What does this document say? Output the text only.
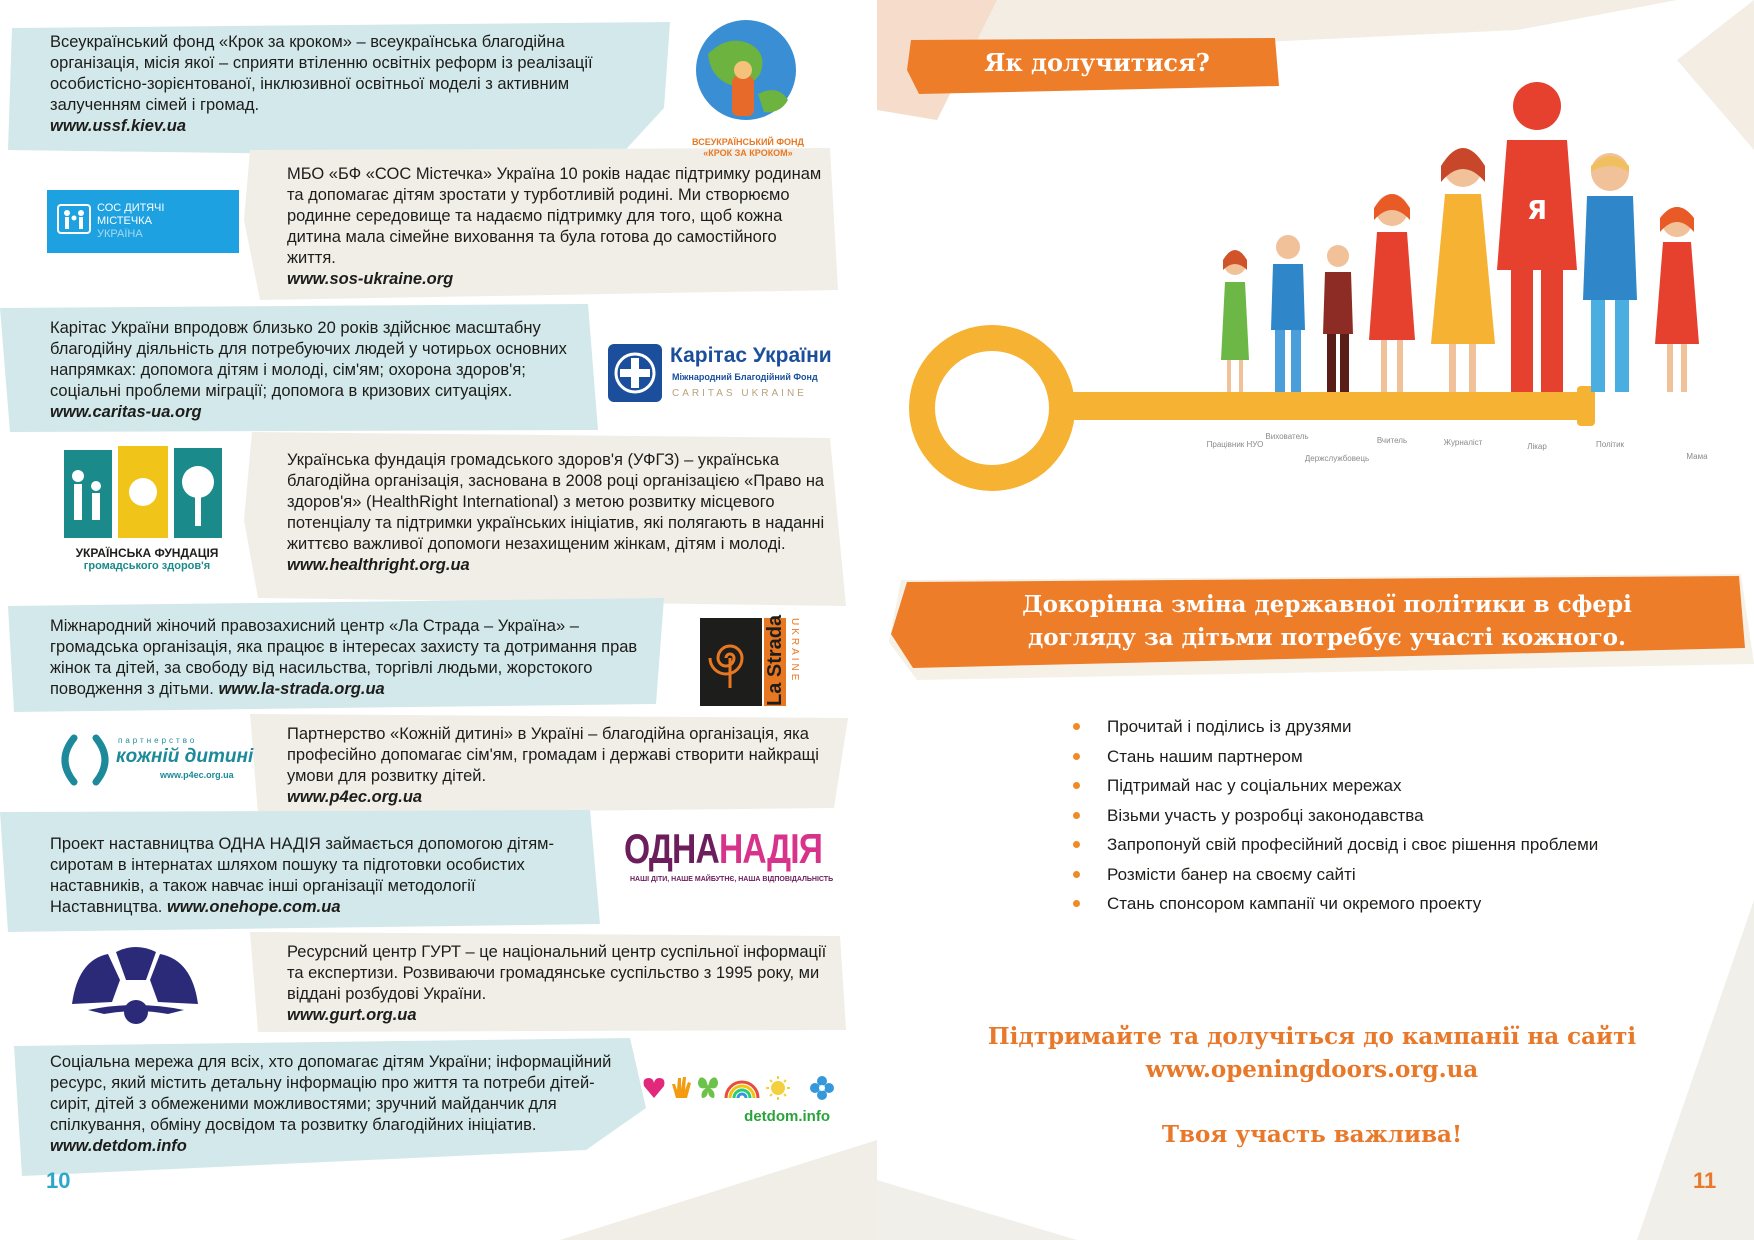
Всеукраїнський фонд «Крок за кроком» – всеукраїнська благодійна організація, місія якої – сприяти втіленню освітніх реформ із реалізації особистісно-зорієнтованої, інклюзивної освітньої моделі з активним залученням сімей і громад.
www.ussf.kiev.ua
ВСЕУКРАЇНСЬКИЙ ФОНД «КРОК ЗА КРОКОМ»
СОС ДИТЯЧІ
МІСТЕЧКА
УКРАЇНА
МБО «БФ «СОС Містечка» Україна 10 років надає підтримку родинам та допомагає дітям зростати у турботливій родині. Ми створюємо родинне середовище та надаємо підтримку для того, щоб кожна дитина мала сімейне виховання та була готова до самостійного життя.
www.sos-ukraine.org
Карітас України впродовж близько 20 років здійснює масштабну благодійну діяльність для потребуючих людей у чотирьох основних напрямках: допомога дітям і молоді, сім'ям; охорона здоров'я; соціальні проблеми міграції; допомога в кризових ситуаціях. www.caritas-ua.org
Карітас України
Міжнародний Благодійний Фонд
CARITAS UKRAINE
УКРАЇНСЬКА ФУНДАЦІЯ
громадського здоров'я
Українська фундація громадського здоров'я (УФГЗ) – українська благодійна організація, заснована в 2008 році організацією «Право на здоров'я» (HealthRight International) з метою розвитку місцевого потенціалу та підтримки українських ініціатив, які полягають в наданні життєво важливої допомоги незахищеним жінкам, дітям і молоді.
www.healthright.org.ua
Міжнародний жіночий правозахисний центр «Ла Страда – Україна» – громадська організація, яка працює в інтересах захисту та дотримання прав жінок та дітей, за свободу від насильства, торгівлі людьми, жорстокого поводження з дітьми. www.la-strada.org.ua	La Strada UKRAINE
партнерство
кожній дитині
www.p4ec.org.ua
Партнерство «Кожній дитині» в Україні – благодійна організація, яка професійно допомагає сім'ям, громадам і державі створити найкращі умови для розвитку дітей.
www.p4ec.org.ua
Проект наставництва ОДНА НАДІЯ займається допомогою дітям-сиротам в інтернатах шляхом пошуку та підготовки особистих наставників, а також навчає інші організації методології Наставництва. www.onehope.com.ua
ОДНАНАДІЯ
НАШІ ДІТИ, НАШЕ МАЙБУТНЄ, НАША ВІДПОВІДАЛЬНІСТЬ
Ресурсний центр ГУРТ – це національний центр суспільної інформації та експертизи. Розвиваючи громадянське суспільство з 1995 року, ми віддані розбудові України.
www.gurt.org.ua
Соціальна мережа для всіх, хто допомагає дітям України; інформаційний ресурс, який містить детальну інформацію про життя та потреби дітей-сиріт, дітей з обмеженими можливостями; зручний майданчик для спілкування, обміну досвідом та розвитку благодійних ініціатив. www.detdom.info
detdom.info
10
Я
Працівник НУО
Вихователь
Держслужбовець
Вчитель	Журналіст	Лікар	Політик
Мама
Як долучитися?
Докорінна зміна державної політики в сфері
догляду за дітьми потребує участі кожного.
Прочитай і поділись із друзями
Стань нашим партнером
Підтримай нас у соціальних мережах
Візьми участь у розробці законодавства
Запропонуй свій професійний досвід і своє рішення проблеми
Розмісти банер на своєму сайті
Стань спонсором кампанії чи окремого проекту
Підтримайте та долучіться до кампанії на сайті
www.openingdoors.org.ua
Твоя участь важлива!
11
